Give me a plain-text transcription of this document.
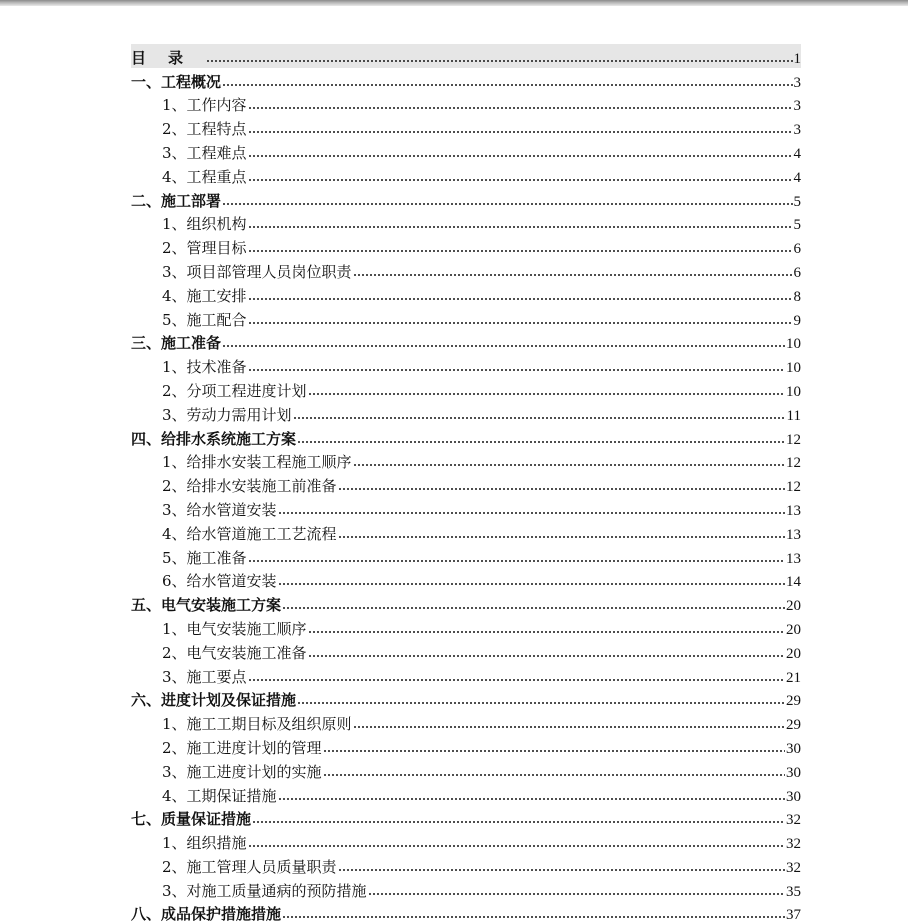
目录	1
一、工程概况	3
1、工作内容	3
2、工程特点	3
3、工程难点	4
4、工程重点	4
二、施工部署	5
1、组织机构	5
2、管理目标	6
3、项目部管理人员岗位职责	6
4、施工安排	8
5、施工配合	9
三、施工准备	10
1、技术准备	10
2、分项工程进度计划	10
3、劳动力需用计划	11
四、给排水系统施工方案	12
1、给排水安装工程施工顺序	12
2、给排水安装施工前准备	12
3、给水管道安装	13
4、给水管道施工工艺流程	13
5、施工准备	13
6、给水管道安装	14
五、电气安装施工方案	20
1、电气安装施工顺序	20
2、电气安装施工准备	20
3、施工要点	21
六、进度计划及保证措施	29
1、施工工期目标及组织原则	29
2、施工进度计划的管理	30
3、施工进度计划的实施	30
4、工期保证措施	30
七、质量保证措施	32
1、组织措施	32
2、施工管理人员质量职责	32
3、对施工质量通病的预防措施	35
八、成品保护措施措施	37
